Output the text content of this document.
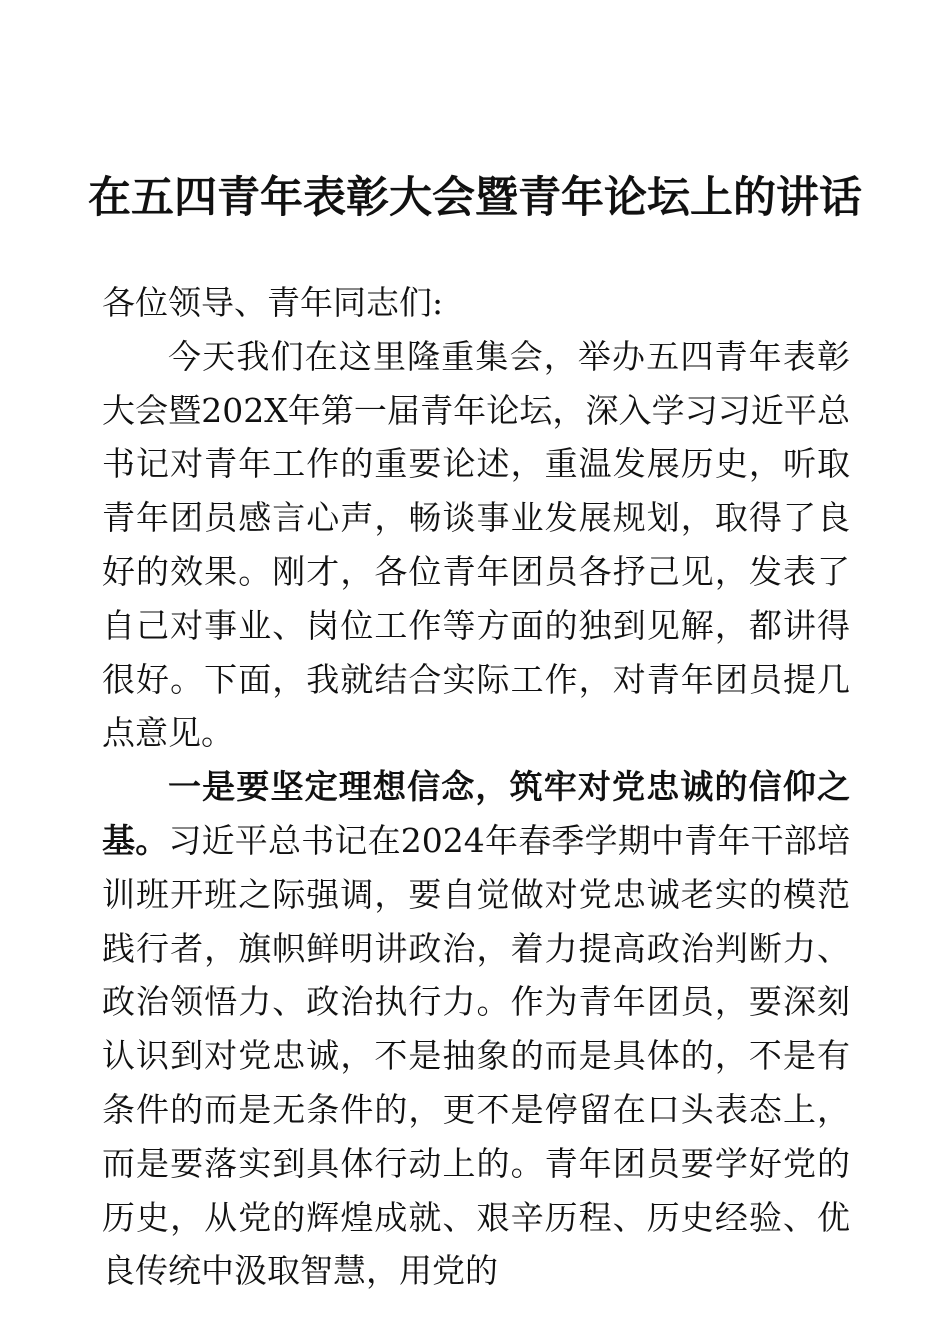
在五四青年表彰大会暨青年论坛上的讲话

各位领导、青年同志们:

今天我们在这里隆重集会，举办五四青年表彰大会暨202X年第一届青年论坛，深入学习习近平总书记对青年工作的重要论述，重温发展历史，听取青年团员感言心声，畅谈事业发展规划，取得了良好的效果。刚才，各位青年团员各抒己见，发表了自己对事业、岗位工作等方面的独到见解，都讲得很好。下面，我就结合实际工作，对青年团员提几点意见。

一是要坚定理想信念，筑牢对党忠诚的信仰之基。习近平总书记在2024年春季学期中青年干部培训班开班之际强调，要自觉做对党忠诚老实的模范践行者，旗帜鲜明讲政治，着力提高政治判断力、政治领悟力、政治执行力。作为青年团员，要深刻认识到对党忠诚，不是抽象的而是具体的，不是有条件的而是无条件的，更不是停留在口头表态上，而是要落实到具体行动上的。青年团员要学好党的历史，从党的辉煌成就、艰辛历程、历史经验、优良传统中汲取智慧，用党的
